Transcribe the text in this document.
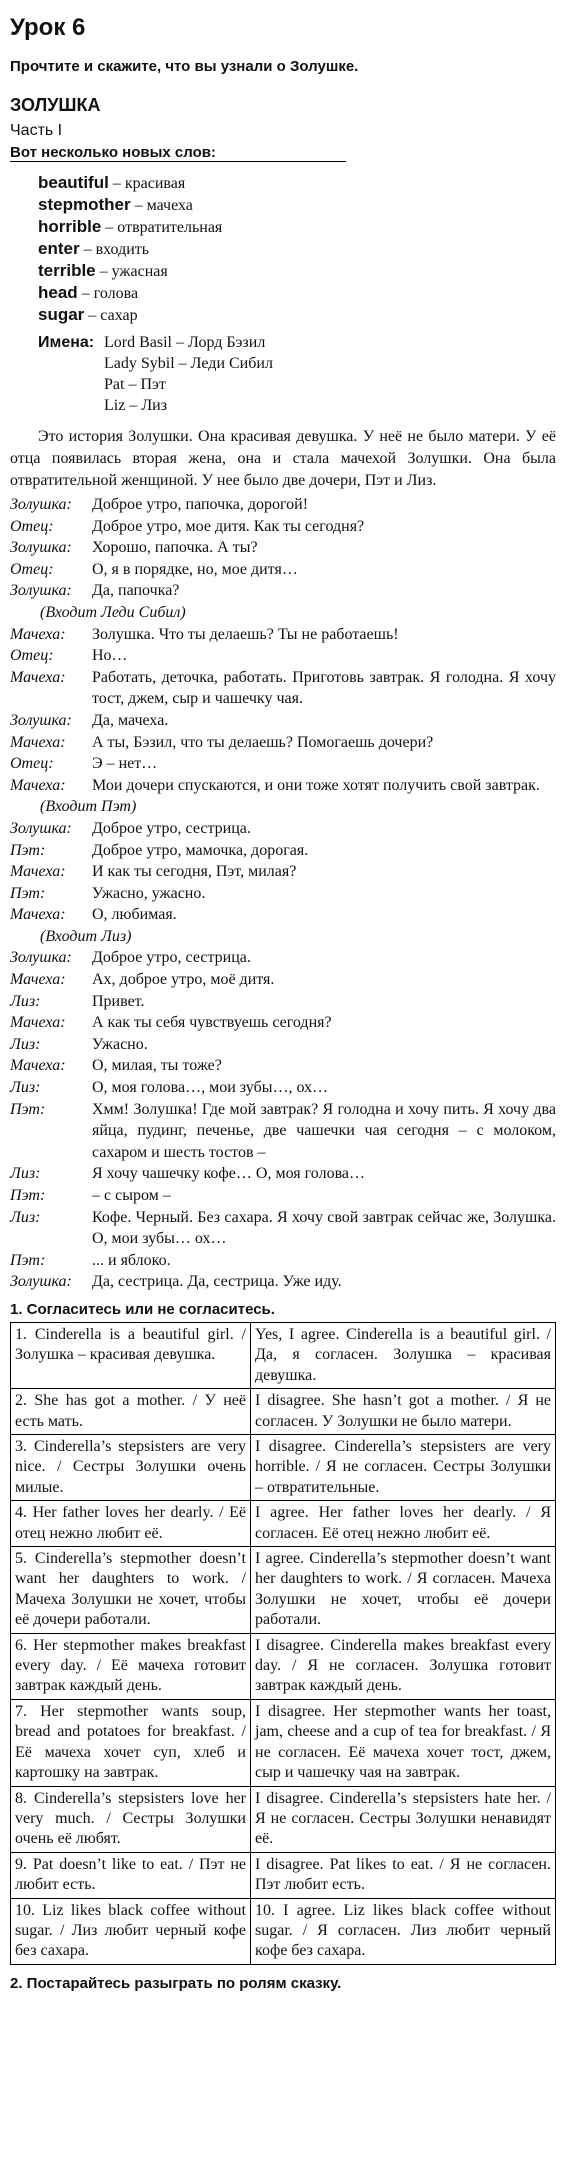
Урок 6
Прочтите и скажите, что вы узнали о Золушке.
ЗОЛУШКА
Часть I
Вот несколько новых слов:
beautiful – красивая
stepmother – мачеха
horrible – отвратительная
enter – входить
terrible – ужасная
head – голова
sugar – сахар
Имена: Lord Basil – Лорд Бэзил
Lady Sybil – Леди Сибил
Pat – Пэт
Liz – Лиз
Это история Золушки. Она красивая девушка. У неё не было матери. У её отца появилась вторая жена, она и стала мачехой Золушки. Она была отвратительной женщиной. У нее было две дочери, Пэт и Лиз.
Золушка:	Доброе утро, папочка, дорогой!
Отец:	Доброе утро, мое дитя. Как ты сегодня?
Золушка:	Хорошо, папочка. А ты?
Отец:	О, я в порядке, но, мое дитя…
Золушка:	Да, папочка?
(Входит Леди Сибил)
Мачеха:	Золушка. Что ты делаешь? Ты не работаешь!
Отец:	Но…
Мачеха:	Работать, деточка, работать. Приготовь завтрак. Я голодна. Я хочу тост, джем, сыр и чашечку чая.
Золушка:	Да, мачеха.
Мачеха:	А ты, Бэзил, что ты делаешь? Помогаешь дочери?
Отец:	Э – нет…
Мачеха:	Мои дочери спускаются, и они тоже хотят получить свой завтрак.
(Входит Пэт)
Золушка:	Доброе утро, сестрица.
Пэт:	Доброе утро, мамочка, дорогая.
Мачеха:	И как ты сегодня, Пэт, милая?
Пэт:	Ужасно, ужасно.
Мачеха:	О, любимая.
(Входит Лиз)
Золушка:	Доброе утро, сестрица.
Мачеха:	Ах, доброе утро, моё дитя.
Лиз:	Привет.
Мачеха:	А как ты себя чувствуешь сегодня?
Лиз:	Ужасно.
Мачеха:	О, милая, ты тоже?
Лиз:	О, моя голова…, мои зубы…, ох…
Пэт:	Хмм! Золушка! Где мой завтрак? Я голодна и хочу пить. Я хочу два яйца, пудинг, печенье, две чашечки чая сегодня – с молоком, сахаром и шесть тостов –
Лиз:	Я хочу чашечку кофе… О, моя голова…
Пэт:	– с сыром –
Лиз:	Кофе. Черный. Без сахара. Я хочу свой завтрак сейчас же, Золушка. О, мои зубы… ох…
Пэт:	... и яблоко.
Золушка:	Да, сестрица. Да, сестрица. Уже иду.
1. Согласитесь или не согласитесь.
1. Cinderella is a beautiful girl. / Золушка – красивая девушка.	Yes, I agree. Cinderella is a beautiful girl. / Да, я согласен. Золушка – красивая девушка.
2. She has got a mother. / У неё есть мать.	I disagree. She hasn’t got a mother. / Я не согласен. У Золушки не было матери.
3. Cinderella’s stepsisters are very nice. / Сестры Золушки очень милые.	I disagree. Cinderella’s stepsisters are very horrible. / Я не согласен. Сестры Золушки – отвратительные.
4. Her father loves her dearly. / Её отец нежно любит её.	I agree. Her father loves her dearly. / Я согласен. Её отец нежно любит её.
5. Cinderella’s stepmother doesn’t want her daughters to work. / Мачеха Золушки не хочет, чтобы её дочери работали.	I agree. Cinderella’s stepmother doesn’t want her daughters to work. / Я согласен. Мачеха Золушки не хочет, чтобы её дочери работали.
6. Her stepmother makes breakfast every day. / Её мачеха готовит завтрак каждый день.	I disagree. Cinderella makes breakfast every day. / Я не согласен. Золушка готовит завтрак каждый день.
7. Her stepmother wants soup, bread and potatoes for breakfast. / Её мачеха хочет суп, хлеб и картошку на завтрак.	I disagree. Her stepmother wants her toast, jam, cheese and a cup of tea for breakfast. / Я не согласен. Её мачеха хочет тост, джем, сыр и чашечку чая на завтрак.
8. Cinderella’s stepsisters love her very much. / Сестры Золушки очень её любят.	I disagree. Cinderella’s stepsisters hate her. / Я не согласен. Сестры Золушки ненавидят её.
9. Pat doesn’t like to eat. / Пэт не любит есть.	I disagree. Pat likes to eat. / Я не согласен. Пэт любит есть.
10. Liz likes black coffee without sugar. / Лиз любит черный кофе без сахара.	10. I agree. Liz likes black coffee without sugar. / Я согласен. Лиз любит черный кофе без сахара.
2. Постарайтесь разыграть по ролям сказку.
